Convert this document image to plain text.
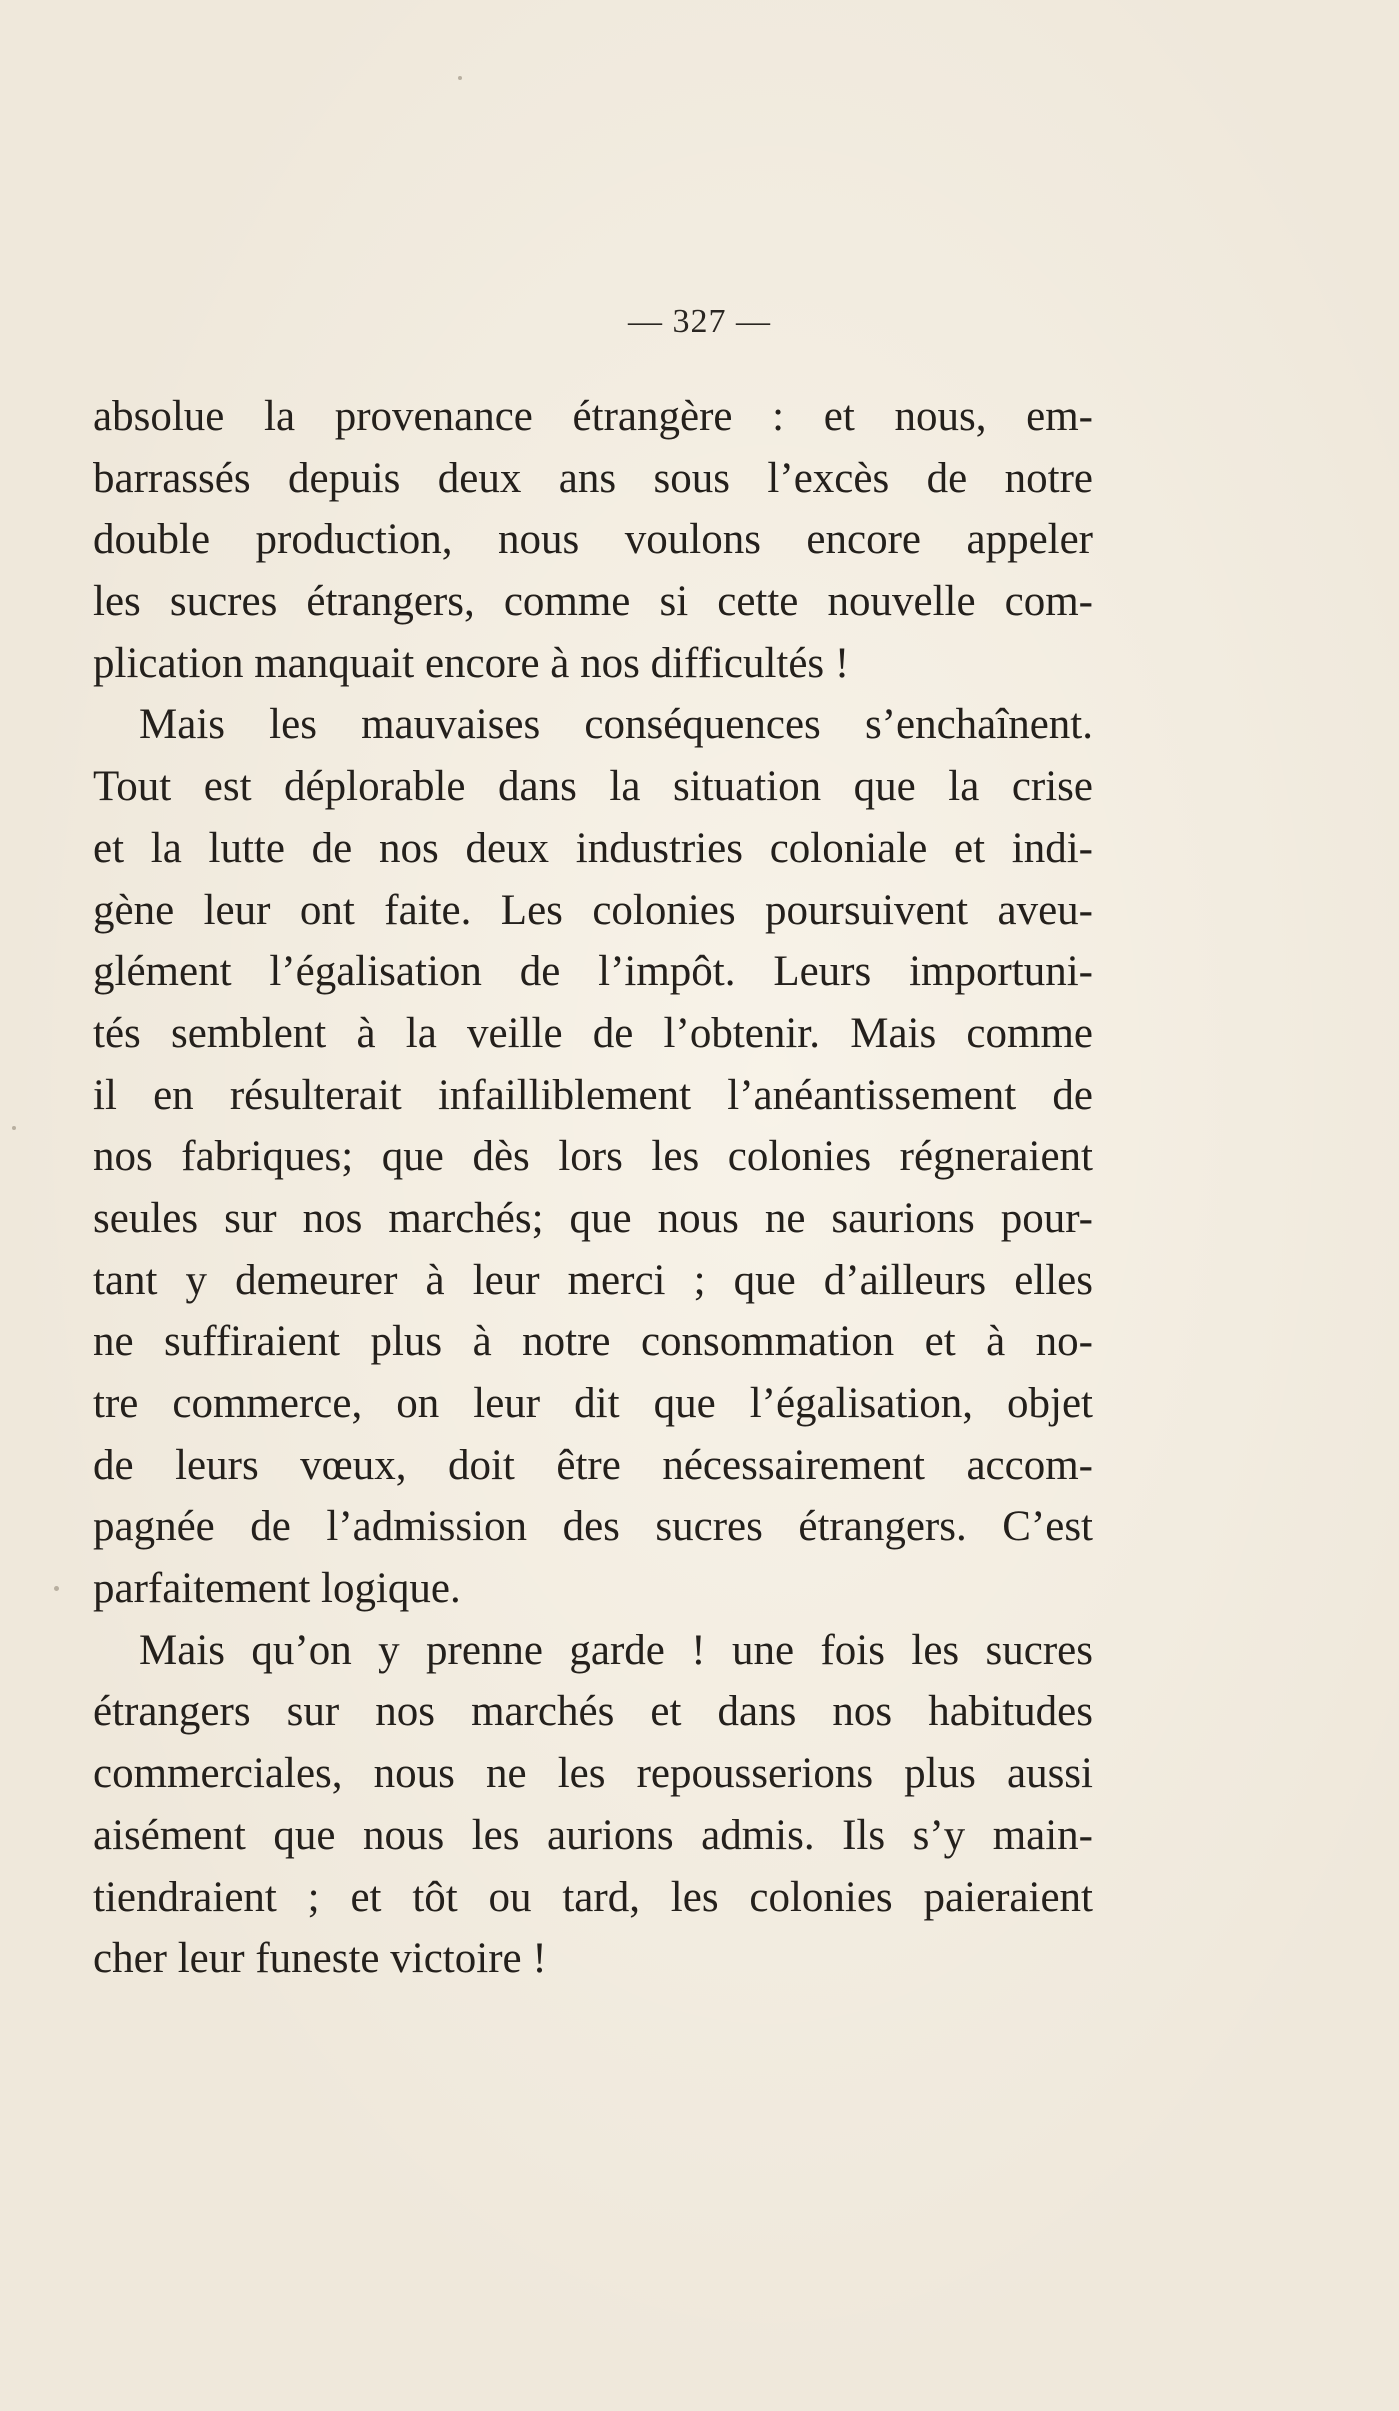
— 327 —
absolue la provenance étrangère : et nous, em-
barrassés depuis deux ans sous l’excès de notre
double production, nous voulons encore appeler
les sucres étrangers, comme si cette nouvelle com-
plication manquait encore à nos difficultés !
Mais les mauvaises conséquences s’enchaînent.
Tout est déplorable dans la situation que la crise
et la lutte de nos deux industries coloniale et indi-
gène leur ont faite. Les colonies poursuivent aveu-
glément l’égalisation de l’impôt. Leurs importuni-
tés semblent à la veille de l’obtenir. Mais comme
il en résulterait infailliblement l’anéantissement de
nos fabriques; que dès lors les colonies régneraient
seules sur nos marchés; que nous ne saurions pour-
tant y demeurer à leur merci ; que d’ailleurs elles
ne suffiraient plus à notre consommation et à no-
tre commerce, on leur dit que l’égalisation, objet
de leurs vœux, doit être nécessairement accom-
pagnée de l’admission des sucres étrangers. C’est
parfaitement logique.
Mais qu’on y prenne garde ! une fois les sucres
étrangers sur nos marchés et dans nos habitudes
commerciales, nous ne les repousserions plus aussi
aisément que nous les aurions admis. Ils s’y main-
tiendraient ; et tôt ou tard, les colonies paieraient
cher leur funeste victoire !
